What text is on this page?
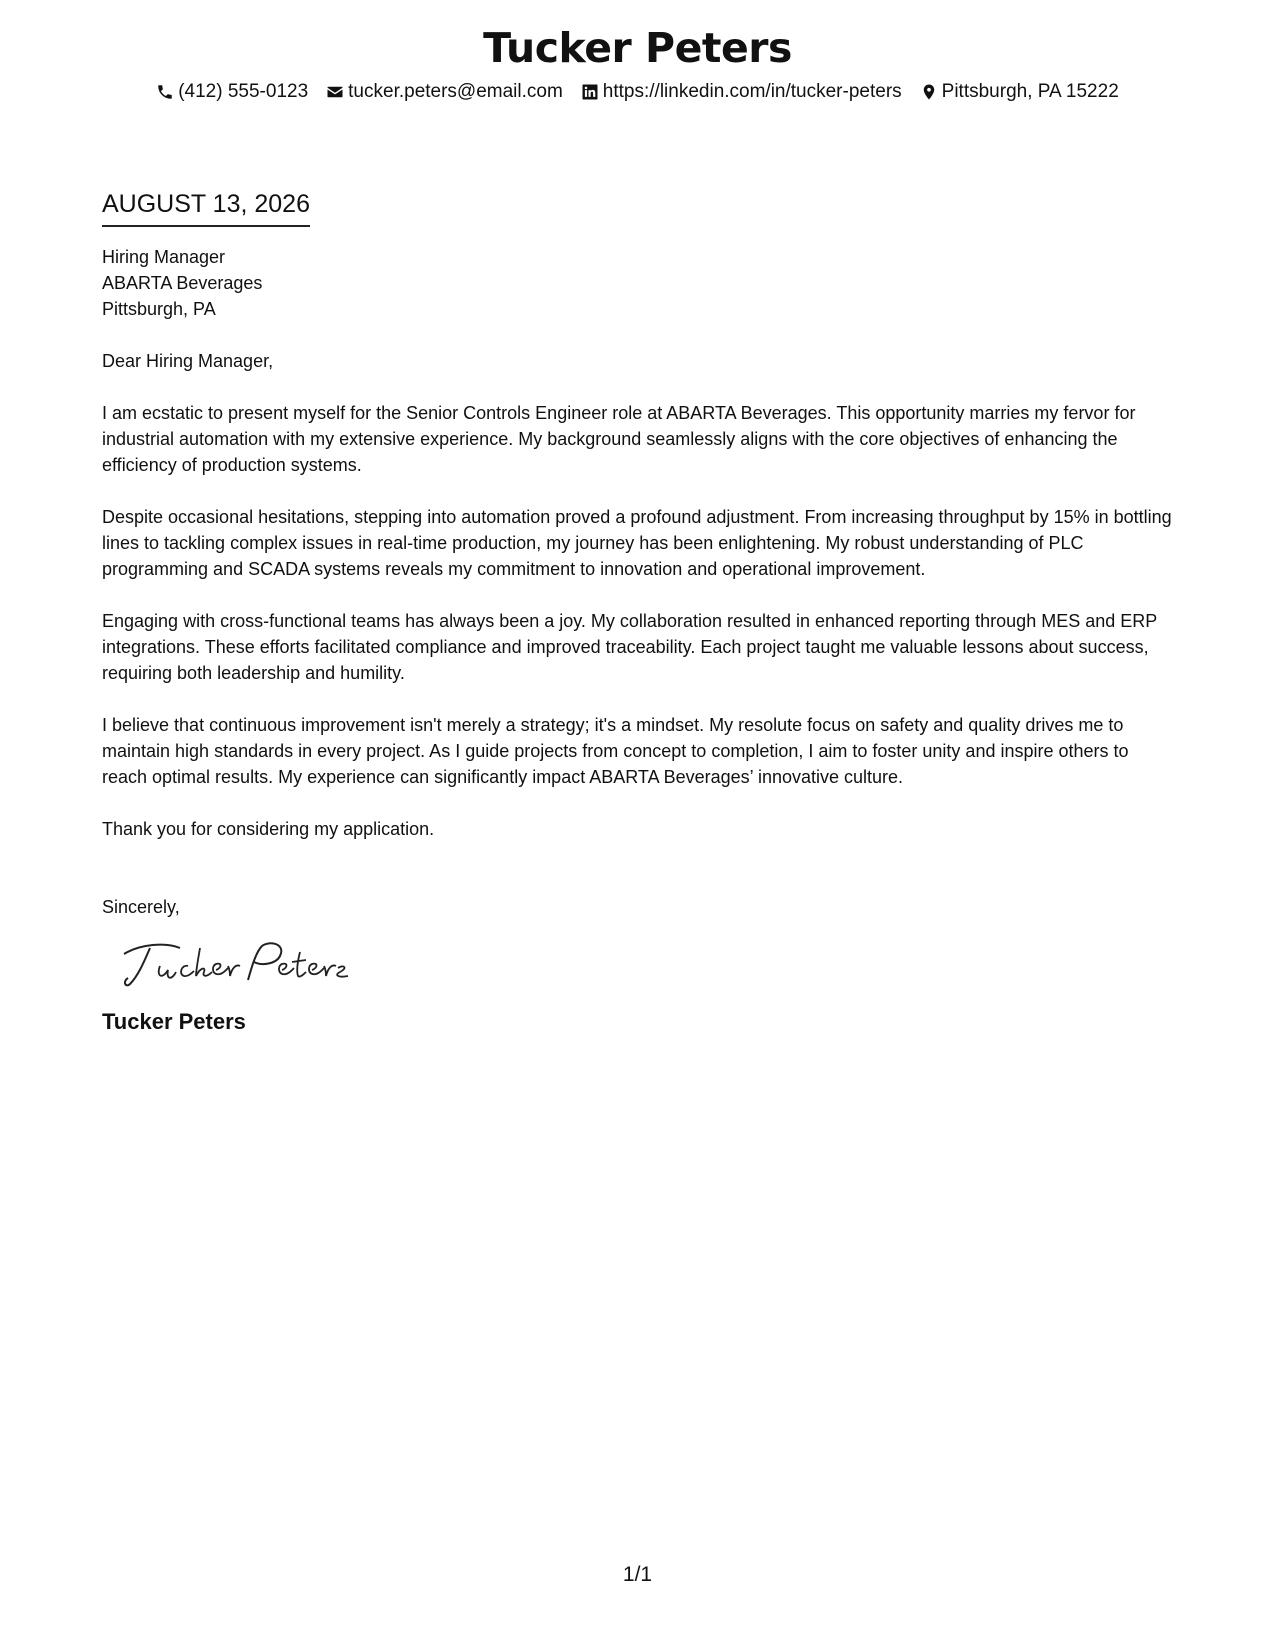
Tucker Peters
(412) 555-0123 tucker.peters@email.com https://linkedin.com/in/tucker-peters Pittsburgh, PA 15222
AUGUST 13, 2026
Hiring Manager
ABARTA Beverages
Pittsburgh, PA
Dear Hiring Manager,
I am ecstatic to present myself for the Senior Controls Engineer role at ABARTA Beverages. This opportunity marries my fervor for industrial automation with my extensive experience. My background seamlessly aligns with the core objectives of enhancing the efficiency of production systems.
Despite occasional hesitations, stepping into automation proved a profound adjustment. From increasing throughput by 15% in bottling lines to tackling complex issues in real-time production, my journey has been enlightening. My robust understanding of PLC programming and SCADA systems reveals my commitment to innovation and operational improvement.
Engaging with cross-functional teams has always been a joy. My collaboration resulted in enhanced reporting through MES and ERP integrations. These efforts facilitated compliance and improved traceability. Each project taught me valuable lessons about success, requiring both leadership and humility.
I believe that continuous improvement isn't merely a strategy; it's a mindset. My resolute focus on safety and quality drives me to maintain high standards in every project. As I guide projects from concept to completion, I aim to foster unity and inspire others to reach optimal results. My experience can significantly impact ABARTA Beverages’ innovative culture.
Thank you for considering my application.
Sincerely,
Tucker Peters
1/1
